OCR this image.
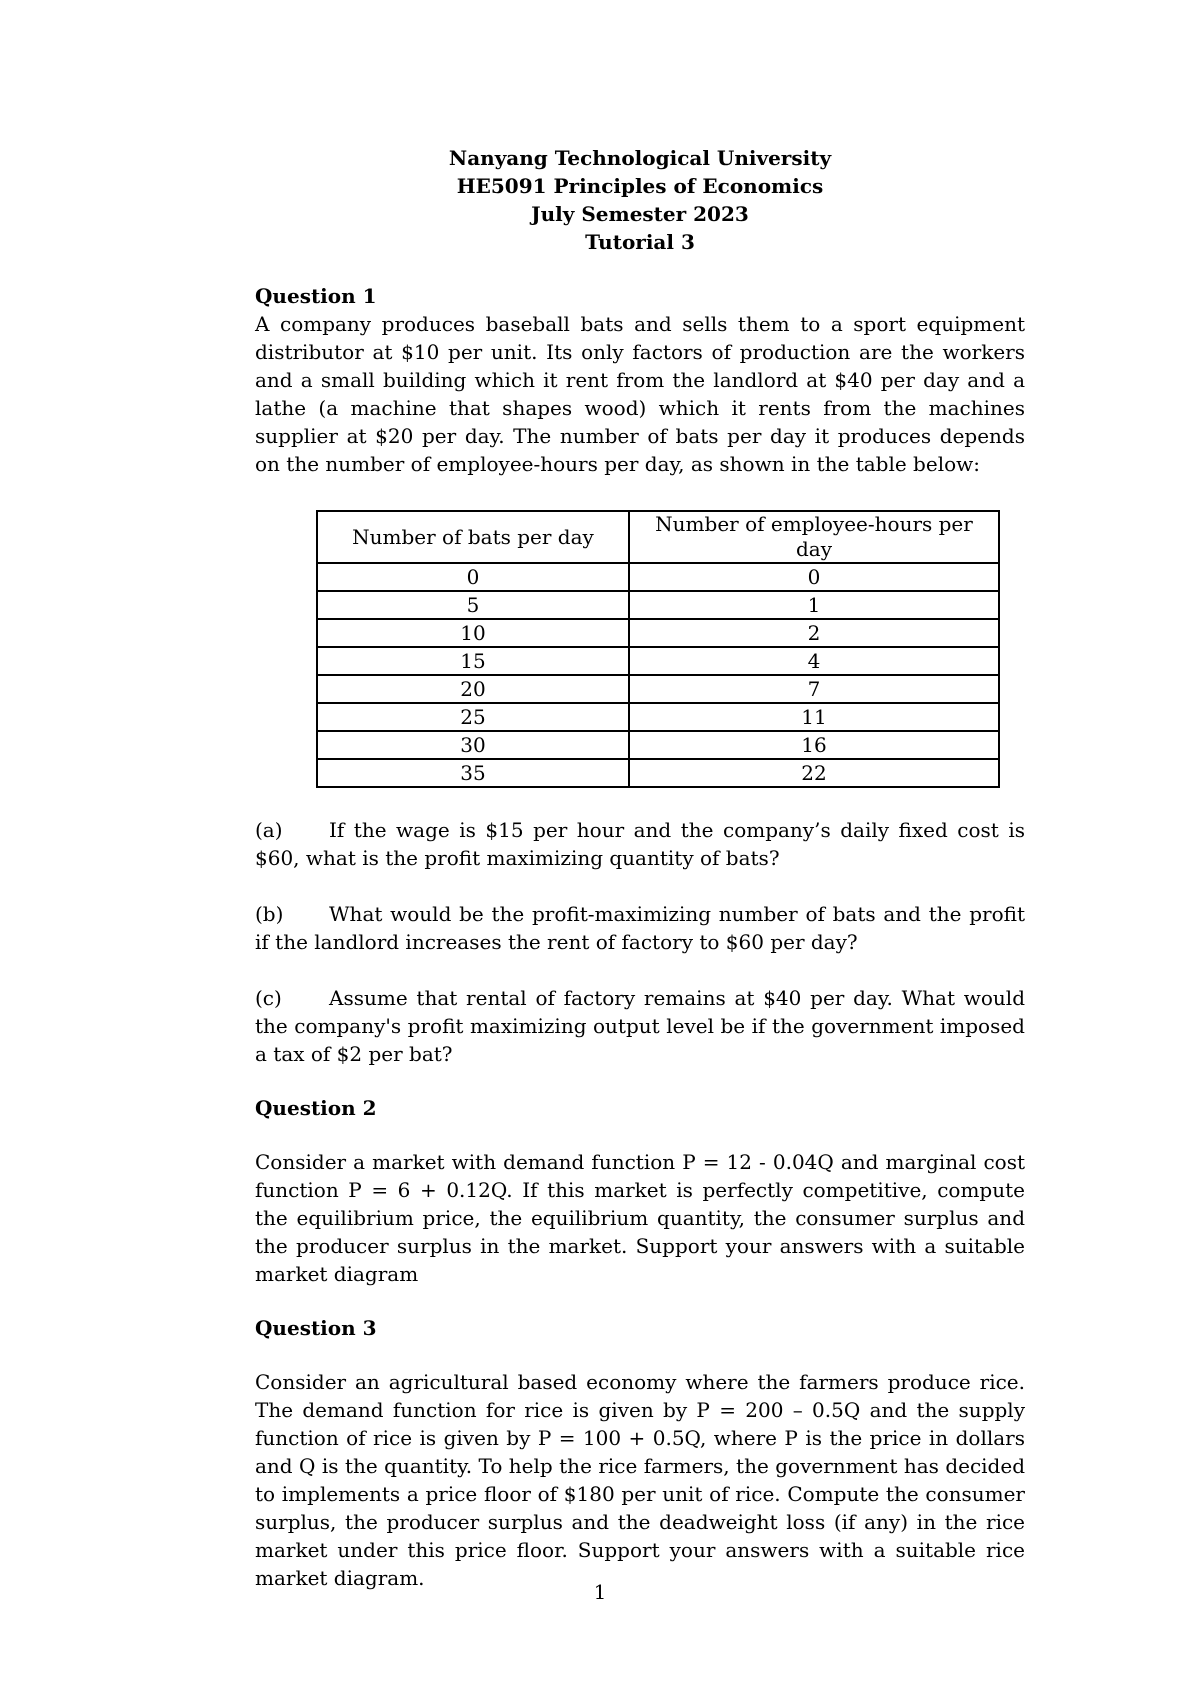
Nanyang Technological University
HE5091 Principles of Economics
July Semester 2023
Tutorial 3
Question 1
A company produces baseball bats and sells them to a sport equipment distributor at $10 per unit. Its only factors of production are the workers and a small building which it rent from the landlord at $40 per day and a lathe (a machine that shapes wood) which it rents from the machines supplier at $20 per day. The number of bats per day it produces depends on the number of employee-hours per day, as shown in the table below:
Number of bats per day	Number of employee-hours per day
0	0
5	1
10	2
15	4
20	7
25	11
30	16
35	22
(a) If the wage is $15 per hour and the company’s daily fixed cost is $60, what is the profit maximizing quantity of bats?
(b) What would be the profit-maximizing number of bats and the profit if the landlord increases the rent of factory to $60 per day?
(c) Assume that rental of factory remains at $40 per day. What would the company's profit maximizing output level be if the government imposed a tax of $2 per bat?
Question 2
Consider a market with demand function P = 12 - 0.04Q and marginal cost function P = 6 + 0.12Q. If this market is perfectly competitive, compute the equilibrium price, the equilibrium quantity, the consumer surplus and the producer surplus in the market. Support your answers with a suitable market diagram
Question 3
Consider an agricultural based economy where the farmers produce rice. The demand function for rice is given by P = 200 – 0.5Q and the supply function of rice is given by P = 100 + 0.5Q, where P is the price in dollars and Q is the quantity. To help the rice farmers, the government has decided to implements a price floor of $180 per unit of rice. Compute the consumer surplus, the producer surplus and the deadweight loss (if any) in the rice market under this price floor. Support your answers with a suitable rice market diagram.
1
